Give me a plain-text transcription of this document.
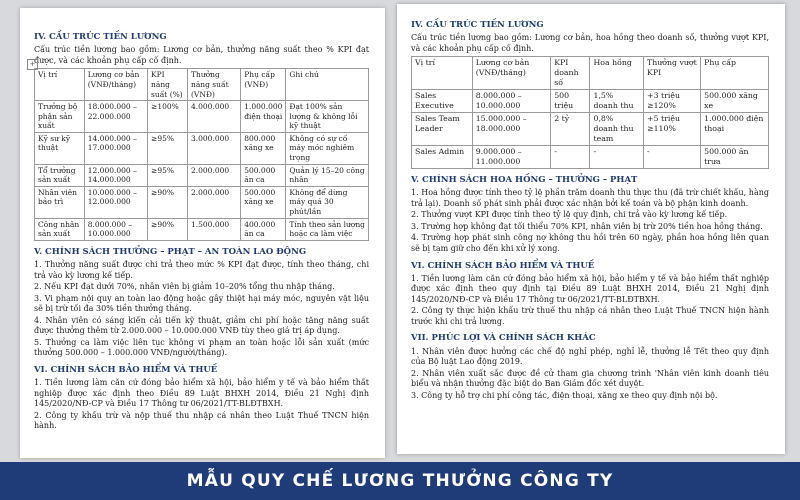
+
IV. CẤU TRÚC TIỀN LƯƠNG

Cấu trúc tiền lương bao gồm: Lương cơ bản, thưởng năng suất theo % KPI đạt được, và các khoản phụ cấp cố định.

Vị trí	Lương cơ bản (VNĐ/tháng)	KPI năng suất (%)	Thưởng năng suất (VNĐ)	Phụ cấp (VNĐ)	Ghi chú
Trưởng bộ phận sản xuất	18.000.000 – 22.000.000	≥100%	4.000.000	1.000.000 điện thoại	Đạt 100% sản lượng & không lỗi kỹ thuật
Kỹ sư kỹ thuật	14.000.000 – 17.000.000	≥95%	3.000.000	800.000 xăng xe	Không có sự cố máy móc nghiêm trọng
Tổ trưởng sản xuất	12.000.000 – 14.000.000	≥95%	2.000.000	500.000 ăn ca	Quản lý 15–20 công nhân
Nhân viên bảo trì	10.000.000 – 12.000.000	≥90%	2.000.000	500.000 xăng xe	Không để dừng máy quá 30 phút/lần
Công nhân sản xuất	8.000.000 – 10.000.000	≥90%	1.500.000	400.000 ăn ca	Tính theo sản lượng hoặc ca làm việc
V. CHÍNH SÁCH THƯỞNG – PHẠT – AN TOÀN LAO ĐỘNG

1. Thưởng năng suất được chi trả theo mức % KPI đạt được, tính theo tháng, chi trả vào kỳ lương kế tiếp.

2. Nếu KPI đạt dưới 70%, nhân viên bị giảm 10–20% tổng thu nhập tháng.

3. Vi phạm nội quy an toàn lao động hoặc gây thiệt hại máy móc, nguyên vật liệu sẽ bị trừ tối đa 30% tiền thưởng tháng.

4. Nhân viên có sáng kiến cải tiến kỹ thuật, giảm chi phí hoặc tăng năng suất được thưởng thêm từ 2.000.000 – 10.000.000 VNĐ tùy theo giá trị áp dụng.

5. Thưởng ca làm việc liên tục không vi phạm an toàn hoặc lỗi sản xuất (mức thưởng 500.000 – 1.000.000 VNĐ/người/tháng).

VI. CHÍNH SÁCH BẢO HIỂM VÀ THUẾ

1. Tiền lương làm căn cứ đóng bảo hiểm xã hội, bảo hiểm y tế và bảo hiểm thất nghiệp được xác định theo Điều 89 Luật BHXH 2014, Điều 21 Nghị định 145/2020/NĐ-CP và Điều 17 Thông tư 06/2021/TT-BLĐTBXH.

2. Công ty khấu trừ và nộp thuế thu nhập cá nhân theo Luật Thuế TNCN hiện hành.

IV. CẤU TRÚC TIỀN LƯƠNG

Cấu trúc tiền lương bao gồm: Lương cơ bản, hoa hồng theo doanh số, thưởng vượt KPI, và các khoản phụ cấp cố định.

Vị trí	Lương cơ bản (VNĐ/tháng)	KPI doanh số	Hoa hồng	Thưởng vượt KPI	Phụ cấp
Sales Executive	8.000.000 – 10.000.000	500 triệu	1,5% doanh thu	+3 triệu ≥120%	500.000 xăng xe
Sales Team Leader	15.000.000 – 18.000.000	2 tỷ	0,8% doanh thu team	+5 triệu ≥110%	1.000.000 điện thoại
Sales Admin	9.000.000 – 11.000.000	-	-	-	500.000 ăn trưa
V. CHÍNH SÁCH HOA HỒNG – THƯỞNG – PHẠT

1. Hoa hồng được tính theo tỷ lệ phần trăm doanh thu thực thu (đã trừ chiết khấu, hàng trả lại). Doanh số phát sinh phải được xác nhận bởi kế toán và bộ phận kinh doanh.

2. Thưởng vượt KPI được tính theo tỷ lệ quy định, chi trả vào kỳ lương kế tiếp.

3. Trường hợp không đạt tối thiểu 70% KPI, nhân viên bị trừ 20% tiền hoa hồng tháng.

4. Trường hợp phát sinh công nợ không thu hồi trên 60 ngày, phần hoa hồng liên quan sẽ bị tạm giữ cho đến khi xử lý xong.

VI. CHÍNH SÁCH BẢO HIỂM VÀ THUẾ

1. Tiền lương làm căn cứ đóng bảo hiểm xã hội, bảo hiểm y tế và bảo hiểm thất nghiệp được xác định theo quy định tại Điều 89 Luật BHXH 2014, Điều 21 Nghị định 145/2020/NĐ-CP và Điều 17 Thông tư 06/2021/TT-BLĐTBXH.

2. Công ty thực hiện khấu trừ thuế thu nhập cá nhân theo Luật Thuế TNCN hiện hành trước khi chi trả lương.

VII. PHÚC LỢI VÀ CHÍNH SÁCH KHÁC

1. Nhân viên được hưởng các chế độ nghỉ phép, nghỉ lễ, thưởng lễ Tết theo quy định của Bộ luật Lao động 2019.

2. Nhân viên xuất sắc được đề cử tham gia chương trình 'Nhân viên kinh doanh tiêu biểu và nhận thưởng đặc biệt do Ban Giám đốc xét duyệt.

3. Công ty hỗ trợ chi phí công tác, điện thoại, xăng xe theo quy định nội bộ.

MẪU QUY CHẾ LƯƠNG THƯỞNG CÔNG TY
